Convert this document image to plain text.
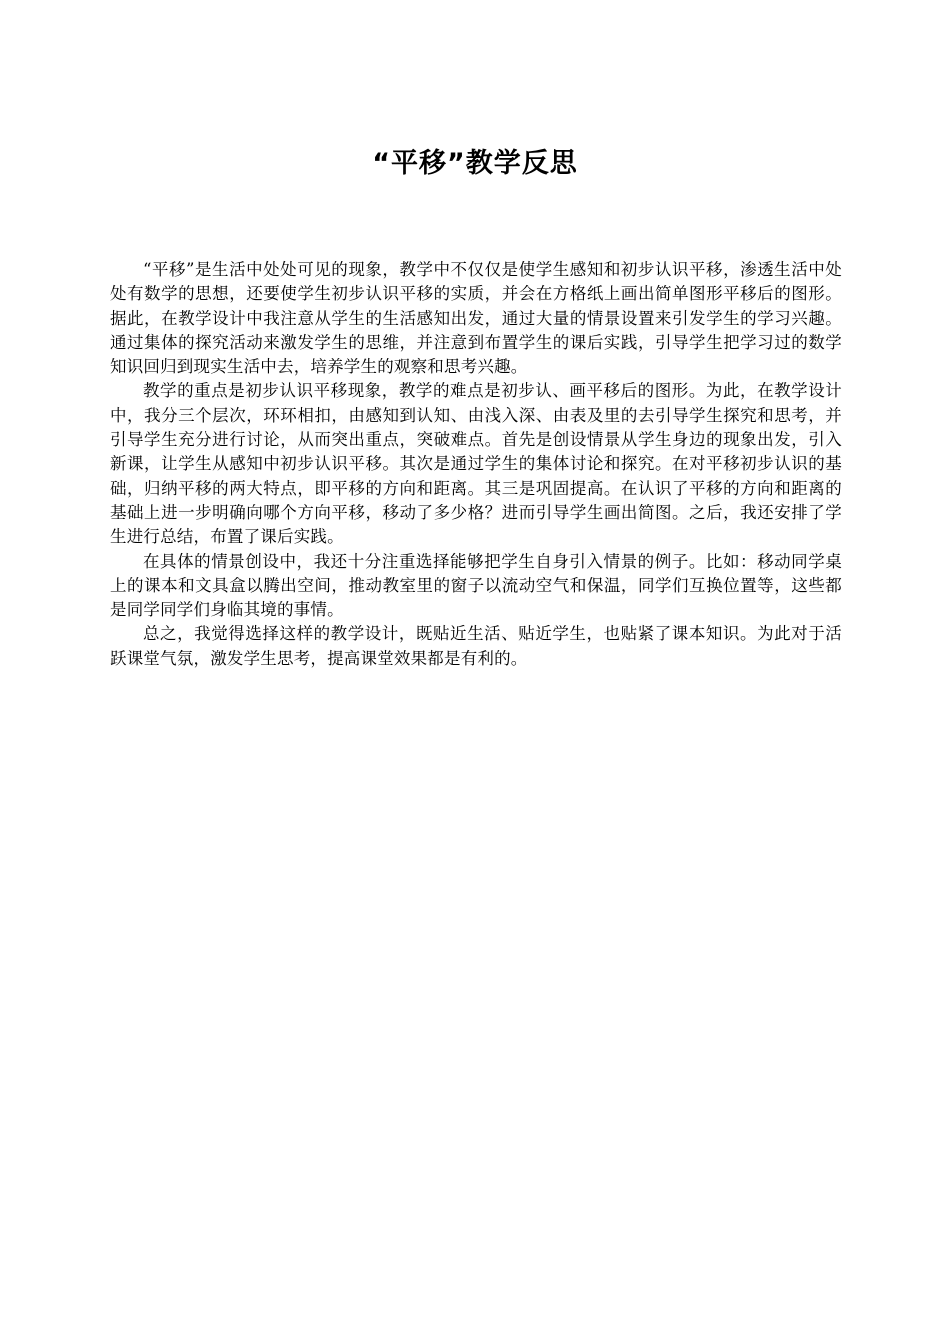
“平移”教学反思

“平移”是生活中处处可见的现象，教学中不仅仅是使学生感知和初步认识平移，渗透生活中处处有数学的思想，还要使学生初步认识平移的实质，并会在方格纸上画出简单图形平移后的图形。据此，在教学设计中我注意从学生的生活感知出发，通过大量的情景设置来引发学生的学习兴趣。通过集体的探究活动来激发学生的思维，并注意到布置学生的课后实践，引导学生把学习过的数学知识回归到现实生活中去，培养学生的观察和思考兴趣。

教学的重点是初步认识平移现象，教学的难点是初步认、画平移后的图形。为此，在教学设计中，我分三个层次，环环相扣，由感知到认知、由浅入深、由表及里的去引导学生探究和思考，并引导学生充分进行讨论，从而突出重点，突破难点。首先是创设情景从学生身边的现象出发，引入新课，让学生从感知中初步认识平移。其次是通过学生的集体讨论和探究。在对平移初步认识的基础，归纳平移的两大特点，即平移的方向和距离。其三是巩固提高。在认识了平移的方向和距离的基础上进一步明确向哪个方向平移，移动了多少格？进而引导学生画出简图。之后，我还安排了学生进行总结，布置了课后实践。

在具体的情景创设中，我还十分注重选择能够把学生自身引入情景的例子。比如：移动同学桌上的课本和文具盒以腾出空间，推动教室里的窗子以流动空气和保温，同学们互换位置等，这些都是同学同学们身临其境的事情。

总之，我觉得选择这样的教学设计，既贴近生活、贴近学生，也贴紧了课本知识。为此对于活跃课堂气氛，激发学生思考，提高课堂效果都是有利的。
